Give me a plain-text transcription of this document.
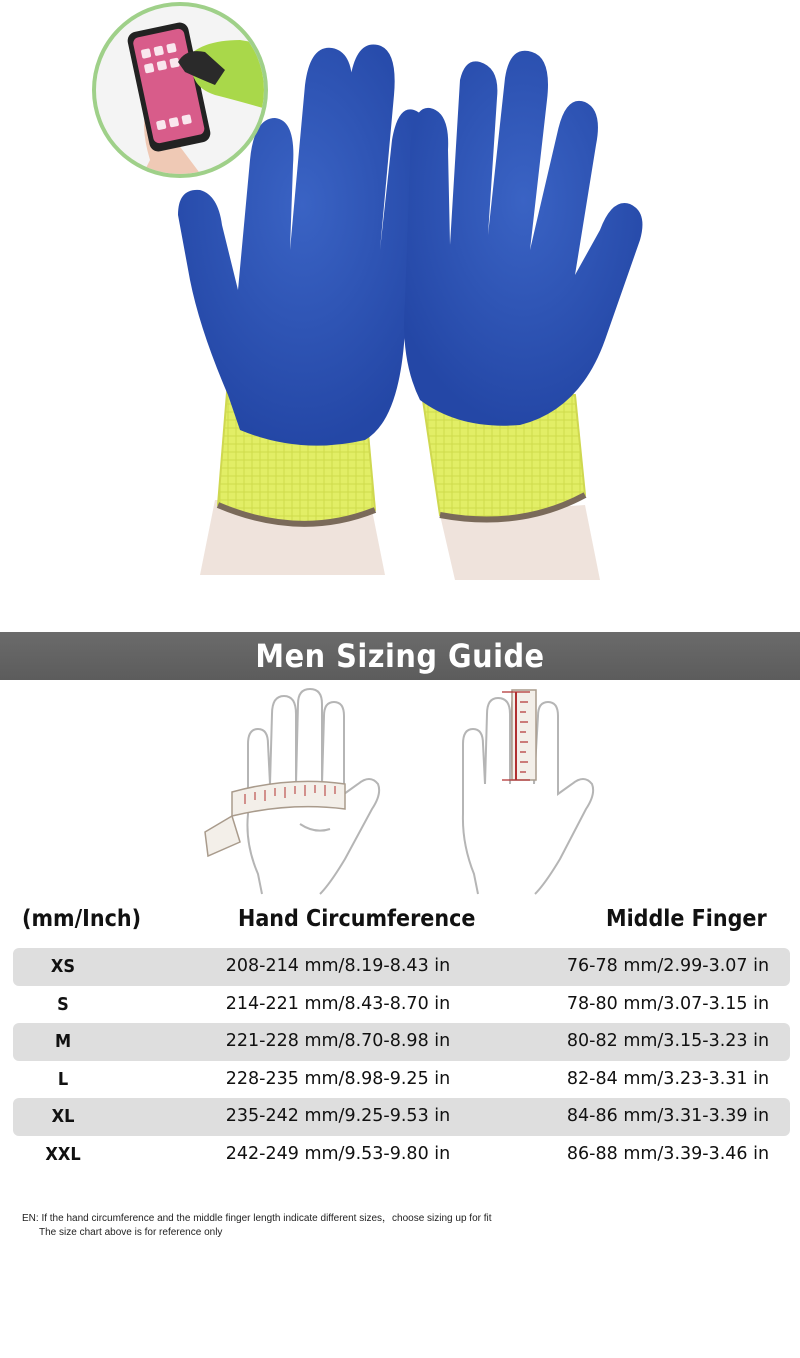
Men Sizing Guide
(mm/Inch)	Hand Circumference	Middle Finger
XS	208-214 mm/8.19-8.43 in	76-78 mm/2.99-3.07 in
S	214-221 mm/8.43-8.70 in	78-80 mm/3.07-3.15 in
M	221-228 mm/8.70-8.98 in	80-82 mm/3.15-3.23 in
L	228-235 mm/8.98-9.25 in	82-84 mm/3.23-3.31 in
XL	235-242 mm/9.25-9.53 in	84-86 mm/3.31-3.39 in
XXL	242-249 mm/9.53-9.80 in	86-88 mm/3.39-3.46 in
EN: If the hand circumference and the middle finger length indicate different sizes，choose sizing up for fit
The size chart above is for reference only
